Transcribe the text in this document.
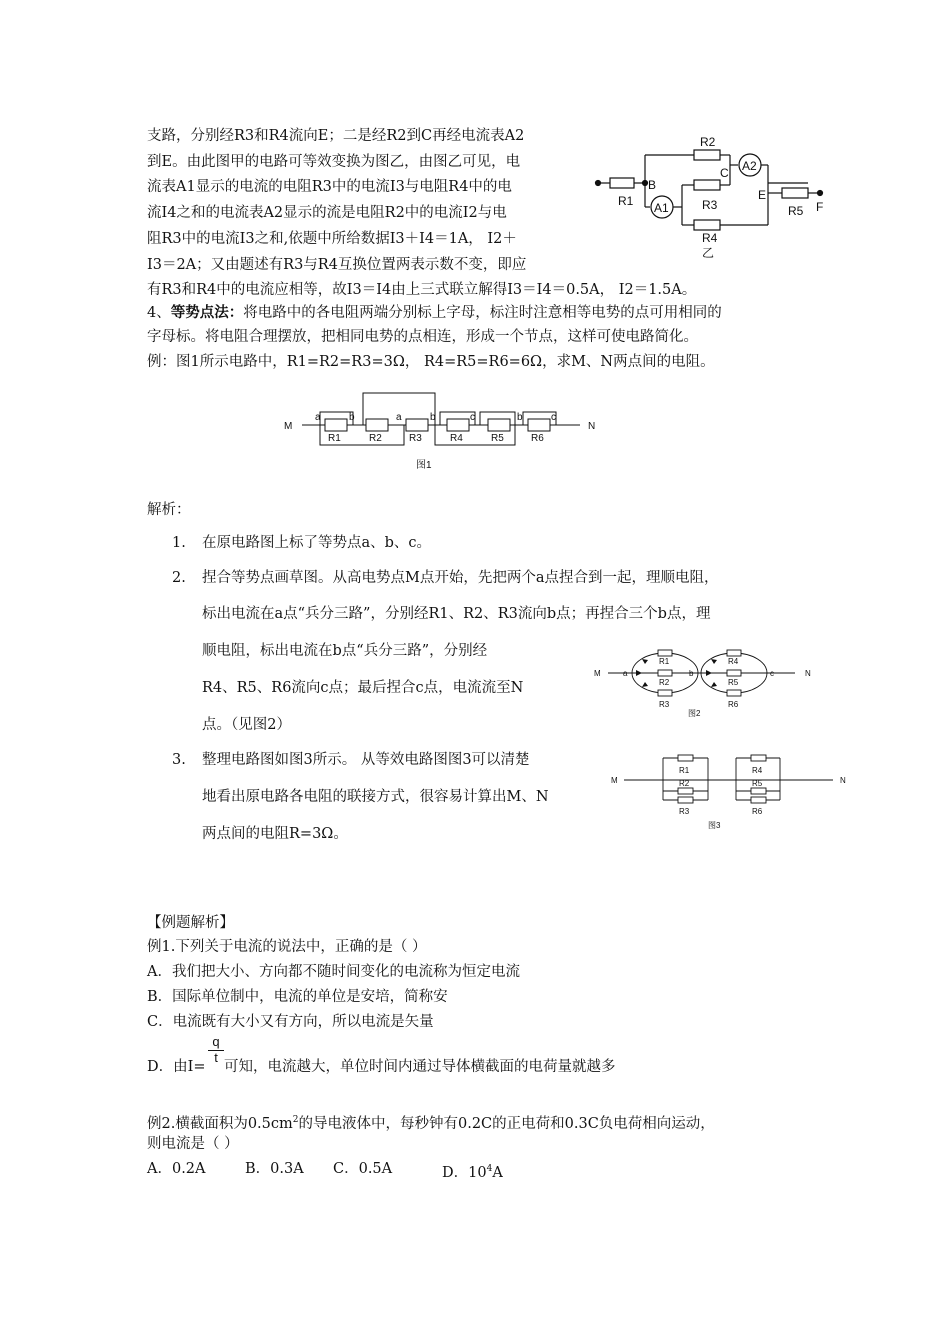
支路，分别经R3和R4流向E；二是经R2到C再经电流表A2
到E。由此图甲的电路可等效变换为图乙，由图乙可见，电
流表A1显示的电流的电阻R3中的电流I3与电阻R4中的电
流I4之和的电流表A2显示的流是电阻R2中的电流I2与电
阻R3中的电流I3之和,依题中所给数据I3＋I4＝1A， I2＋
I3＝2A；又由题述有R3与R4互换位置两表示数不变，即应
有R3和R4中的电流应相等，故I3＝I4由上三式联立解得I3＝I4＝0.5A， I2＝1.5A。
R2
C A2
R1
B
A1	R3
E
R5 F
R4
乙
4、等势点法：将电路中的各电阻两端分别标上字母，标注时注意相等电势的点可用相同的
字母标。将电阻合理摆放，把相同电势的点相连，形成一个节点，这样可使电路简化。
例：图1所示电路中，R1=R2=R3=3Ω， R4=R5=R6=6Ω，求M、N两点间的电阻。
M	N
R1	R2	R3	R4	R5	R6
a	b	a	b	c	b	c
图1
解析：
1. 在原电路图上标了等势点a、b、c。
2. 捏合等势点画草图。从高电势点M点开始，先把两个a点捏合到一起，理顺电阻，
标出电流在a点“兵分三路”，分别经R1、R2、R3流向b点；再捏合三个b点，理
顺电阻，标出电流在b点“兵分三路”，分别经
R4、R5、R6流向c点；最后捏合c点，电流流至N
点。（见图2）
3. 整理电路图如图3所示。 从等效电路图图3可以清楚
地看出原电路各电阻的联接方式，很容易计算出M、N
两点间的电阻R=3Ω。
M	a	b	c	N
R1
R2
R3
R4
R5
R6
图2
M	N
R1
R2
R3
R4
R5
R6
图3
【例题解析】
例1.下列关于电流的说法中，正确的是（ ）
A．我们把大小、方向都不随时间变化的电流称为恒定电流
B．国际单位制中，电流的单位是安培，简称安
C．电流既有大小又有方向，所以电流是矢量
$\frac{q}{t}$
D．由I= 可知，电流越大，单位时间内通过导体横截面的电荷量就越多
例2.横截面积为$0.5cm^2$的导电液体中，每秒钟有0.2C的正电荷和0.3C负电荷相向运动，
则电流是（ ）
A．0.2A	B．0.3A C．0.5A	D．$10^4A$
